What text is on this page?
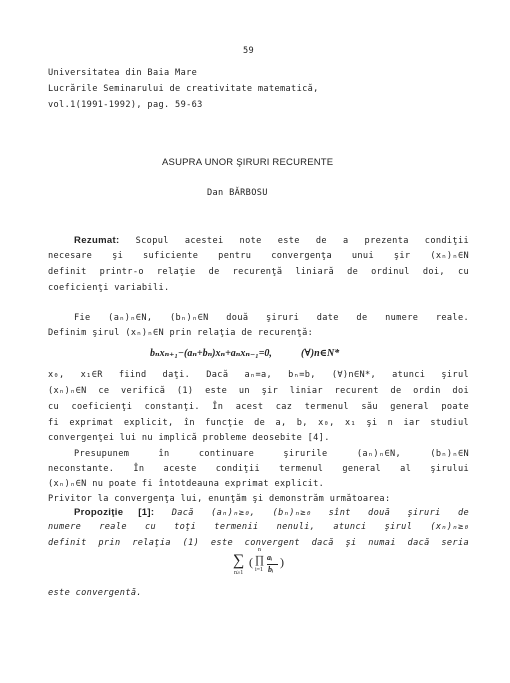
59
Universitatea din Baia Mare
Lucrările Seminarului de creativitate matematică,
vol.1(1991-1992), pag. 59-63
ASUPRA UNOR ŞIRURI RECURENTE
Dan BĂRBOSU
Rezumat: Scopul acestei note este de a prezenta condiţii
necesare şi suficiente pentru convergenţa unui şir (xₙ)ₙ∈N
definit printr-o relaţie de recurenţă liniară de ordinul doi, cu
coeficienţi variabili.
Fie (aₙ)ₙ∈N, (bₙ)ₙ∈N două şiruri date de numere reale.
Definim şirul (xₙ)ₙ∈N prin relaţia de recurenţă:
bₙxₙ₊₁−(aₙ+bₙ)xₙ+aₙxₙ₋₁=0,	(∀)n∈N*
x₀, x₁∈R fiind daţi. Dacă aₙ=a, bₙ=b, (∀)n∈N*, atunci şirul
(xₙ)ₙ∈N ce verifică (1) este un şir liniar recurent de ordin doi
cu coeficienţi constanţi. În acest caz termenul său general poate
fi exprimat explicit, în funcţie de a, b, x₀, x₁ şi n iar studiul
convergenţei lui nu implică probleme deosebite [4].
Presupunem în continuare şirurile (aₙ)ₙ∈N, (bₙ)ₙ∈N
neconstante. În aceste condiţii termenul general al şirului
(xₙ)ₙ∈N nu poate fi întotdeauna exprimat explicit.
Privitor la convergenţa lui, enunţăm şi demonstrăm următoarea:
Propoziţie [1]: Dacă (aₙ)ₙ≥₀, (bₙ)ₙ≥₀ sînt două şiruri de
numere reale cu toţi termenii nenuli, atunci şirul (xₙ)ₙ≥₀
definit prin relaţia (1) este convergent dacă şi numai dacă seria
∑
n≥1
( ∏
i=1
n
aᵢ
bᵢ
)
este convergentă.
